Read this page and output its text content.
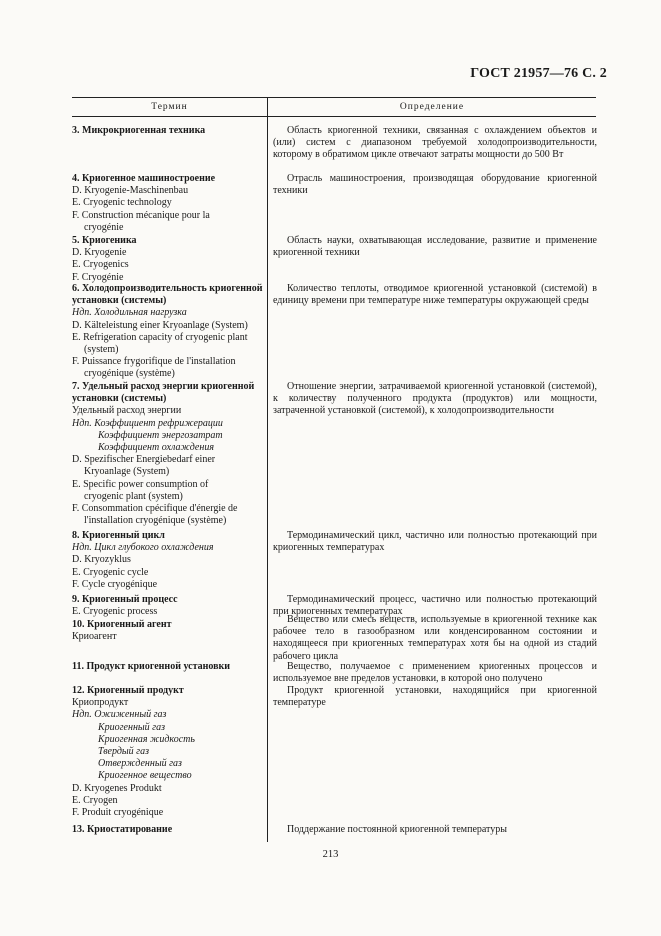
ГОСТ 21957—76 С. 2
Термин	Определение
3. Микрокриогенная техника
4. Криогенное машиностроение
D. Kryogenie-Maschinenbau
E. Cryogenic technology
F. Construction mécanique pour la
cryogénie
5. Криогеника
D. Kryogenie
E. Cryogenics
F. Cryogénie
6. Холодопроизводительность криогенной
установки (системы)
Ндп. Холодильная нагрузка
D. Kälteleistung einer Kryoanlage (System)
E. Refrigeration capacity of cryogenic plant
(system)
F. Puissance frygorifique de l'installation
cryogénique (système)
7. Удельный расход энергии криогенной
установки (системы)
Удельный расход энергии
Ндп. Коэффициент рефрижерации
Коэффициент энергозатрат
Коэффициент охлаждения
D. Spezifischer Energiebedarf einer
Kryoanlage (System)
E. Specific power consumption of
cryogenic plant (system)
F. Consommation cpécifique d'énergie de
l'installation cryogénique (système)
8. Криогенный цикл
Ндп. Цикл глубокого охлаждения
D. Kryozyklus
E. Cryogenic cycle
F. Cycle cryogénique
9. Криогенный процесс
E. Cryogenic process
10. Криогенный агент
Криоагент
11. Продукт криогенной установки
12. Криогенный продукт
Криопродукт
Ндп. Ожиженный газ
Криогенный газ
Криогенная жидкость
Твердый газ
Отвержденный газ
Криогенное вещество
D. Kryogenes Produkt
E. Cryogen
F. Produit cryogénique
13. Криостатирование
Область криогенной техники, связанная с охлаждением объектов и (или) систем с диапазоном требуемой холодопроизводительности, которому в обратимом цикле отвечают затраты мощности до 500 Вт
Отрасль машиностроения, производящая оборудование криогенной техники
Область науки, охватывающая исследование, развитие и применение криогенной техники
Количество теплоты, отводимое криогенной установкой (системой) в единицу времени при температуре ниже температуры окружающей среды
Отношение энергии, затрачиваемой криогенной установкой (системой), к количеству полученного продукта (продуктов) или мощности, затраченной установкой (системой), к холодопроизводительности
Термодинамический цикл, частично или полностью протекающий при криогенных температурах
Термодинамический процесс, частично или полностью протекающий при криогенных температурах
Вещество или смесь веществ, используемые в криогенной технике как рабочее тело в газообразном или конденсированном состоянии и находящееся при криогенных температурах хотя бы на одной из стадий рабочего цикла
Вещество, получаемое с применением криогенных процессов и используемое вне пределов установки, в которой оно получено
Продукт криогенной установки, находящийся при криогенной температуре
Поддержание постоянной криогенной температуры
213
